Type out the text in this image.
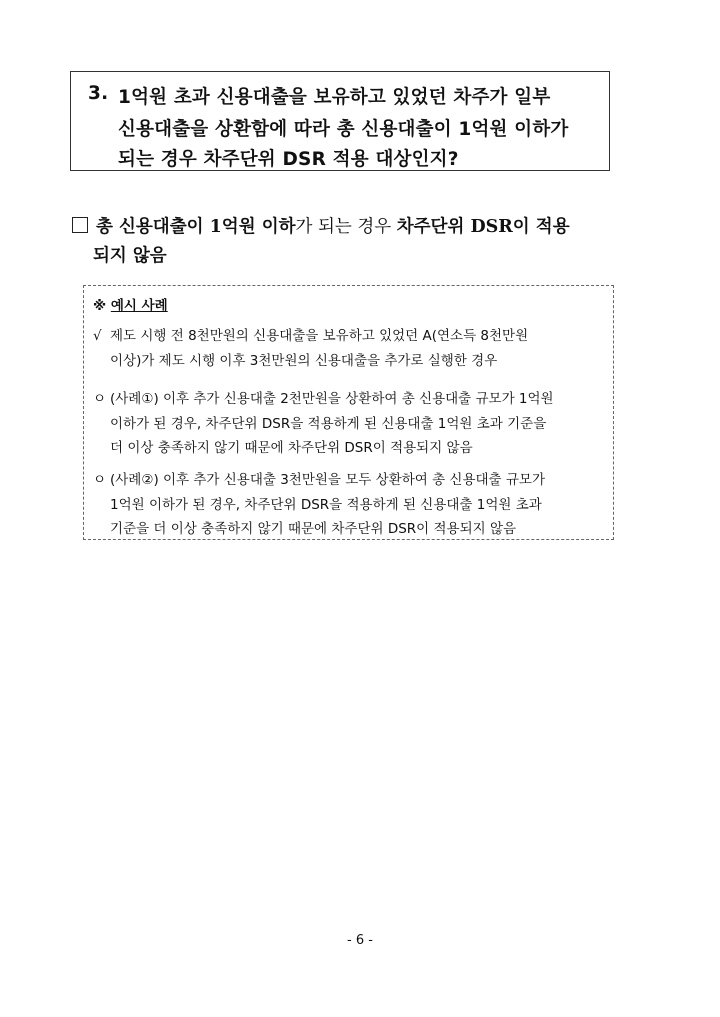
3. 1억원 초과 신용대출을 보유하고 있었던 차주가 일부
신용대출을 상환함에 따라 총 신용대출이 1억원 이하가
되는 경우 차주단위 DSR 적용 대상인지?
총 신용대출이 1억원 이하가 되는 경우 차주단위 DSR이 적용
되지 않음
※ 예시 사례
√ 제도 시행 전 8천만원의 신용대출을 보유하고 있었던 A(연소득 8천만원
이상)가 제도 시행 이후 3천만원의 신용대출을 추가로 실행한 경우
ㅇ (사례①) 이후 추가 신용대출 2천만원을 상환하여 총 신용대출 규모가 1억원
이하가 된 경우, 차주단위 DSR을 적용하게 된 신용대출 1억원 초과 기준을
더 이상 충족하지 않기 때문에 차주단위 DSR이 적용되지 않음
ㅇ (사례②) 이후 추가 신용대출 3천만원을 모두 상환하여 총 신용대출 규모가
1억원 이하가 된 경우, 차주단위 DSR을 적용하게 된 신용대출 1억원 초과
기준을 더 이상 충족하지 않기 때문에 차주단위 DSR이 적용되지 않음
- 6 -
